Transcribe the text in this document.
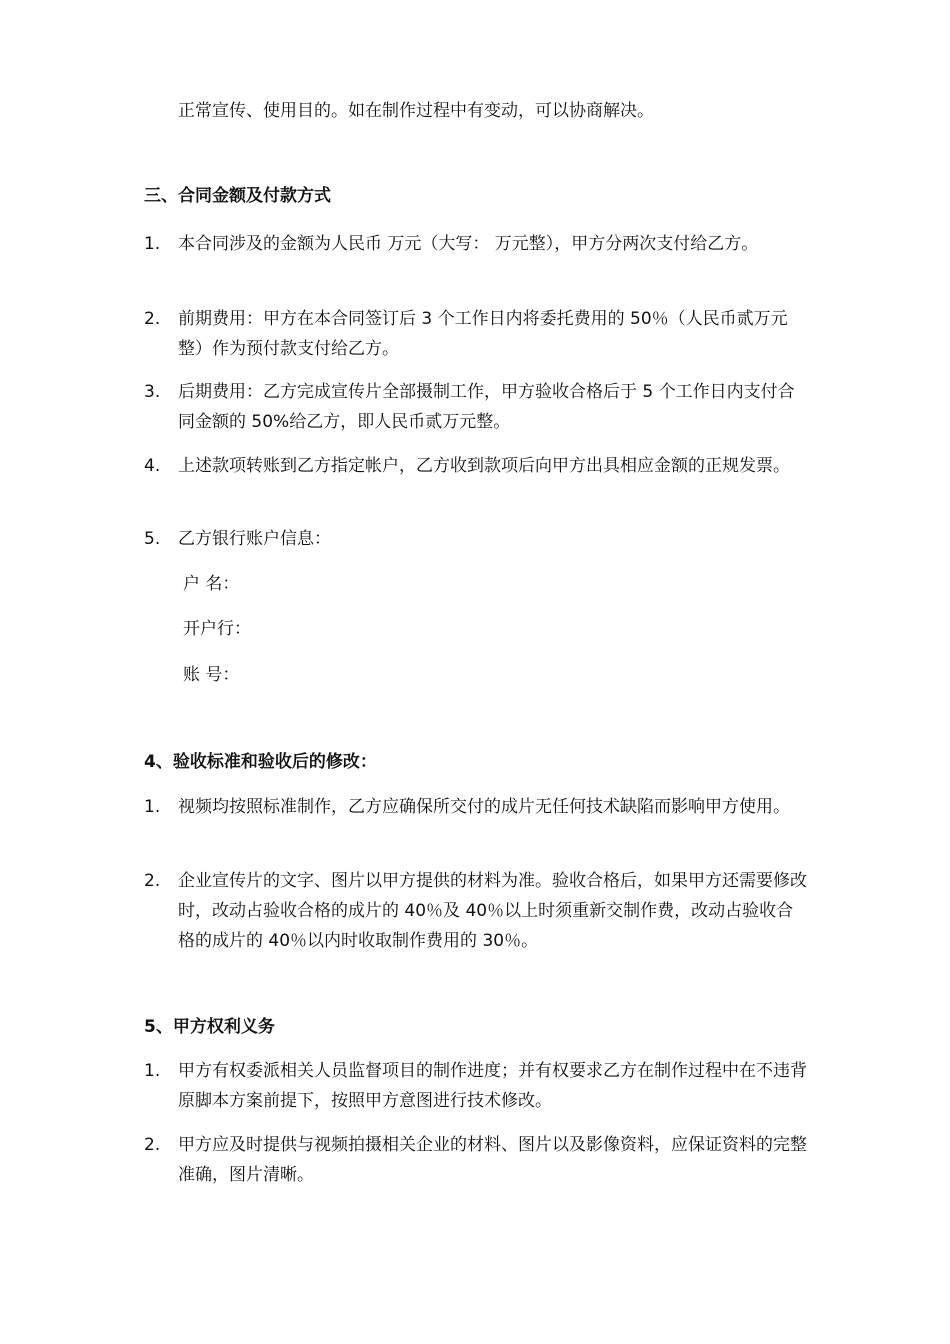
正常宣传、使用目的。如在制作过程中有变动，可以协商解决。

三、合同金额及付款方式

1.	本合同涉及的金额为人民币 万元（大写： 万元整），甲方分两次支付给乙方。
2.	前期费用：甲方在本合同签订后 3 个工作日内将委托费用的 50％（人民币贰万元整）作为预付款支付给乙方。
3.	后期费用：乙方完成宣传片全部摄制工作，甲方验收合格后于 5 个工作日内支付合同金额的 50%给乙方，即人民币贰万元整。
4.	上述款项转账到乙方指定帐户，乙方收到款项后向甲方出具相应金额的正规发票。
5.	乙方银行账户信息：
户 名：
开户行：
账 号：

4、验收标准和验收后的修改：

1.	视频均按照标准制作，乙方应确保所交付的成片无任何技术缺陷而影响甲方使用。
2.	企业宣传片的文字、图片以甲方提供的材料为准。验收合格后，如果甲方还需要修改时，改动占验收合格的成片的 40％及 40％以上时须重新交制作费，改动占验收合格的成片的 40％以内时收取制作费用的 30％。

5、甲方权利义务

1.	甲方有权委派相关人员监督项目的制作进度；并有权要求乙方在制作过程中在不违背原脚本方案前提下，按照甲方意图进行技术修改。
2.	甲方应及时提供与视频拍摄相关企业的材料、图片以及影像资料，应保证资料的完整准确，图片清晰。
